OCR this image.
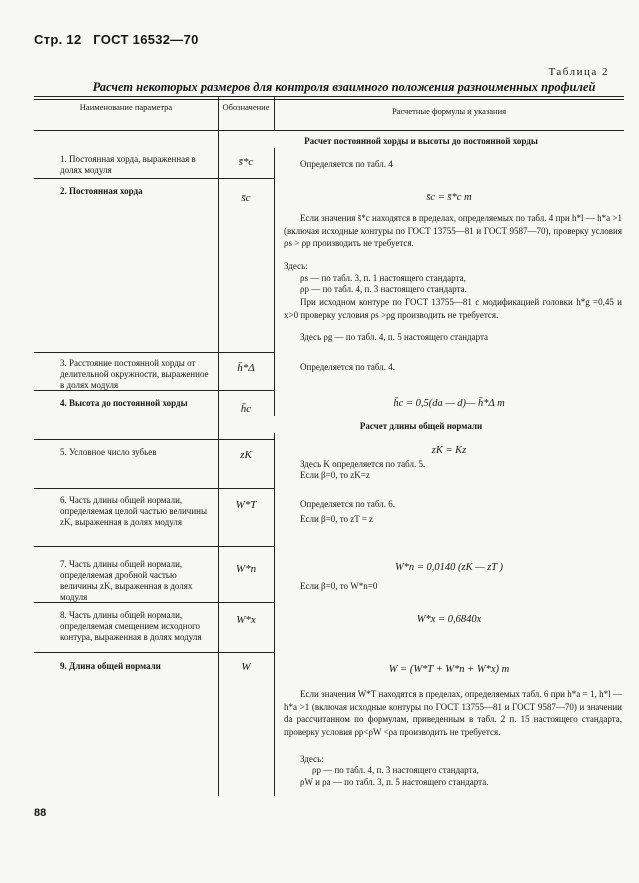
Стр. 12 ГОСТ 16532—70
Таблица 2
Расчет некоторых размеров для контроля взаимного положения разноименных профилей
Наименование параметра	Обозначение	Расчетные формулы и указания
Расчет постоянной хорды и высоты до постоянной хорды
1. Постоянная хорда, выраженная в долях модуля
s̄*c	Определяется по табл. 4
2. Постоянная хорда
s̄c	s̄c = s̄*c m
Если значения s̄*c находятся в пределах, определяемых по табл. 4 при h*l — h*a >1 (включая исходные контуры по ГОСТ 13755—81 и ГОСТ 9587—70), проверку условия ρs > ρp производить не требуется.
Здесь:
ρs — по табл. 3, п. 1 настоящего стандарта,
ρp — по табл. 4, п. 3 настоящего стандарта.
При исходном контуре по ГОСТ 13755—81 с модификацией головки h*g =0,45 и x>0 проверку условия ρs >ρg производить не требуется.
Здесь ρg — по табл. 4, п. 5 настоящего стандарта
3. Расстояние постоянной хорды от делительной окружности, выраженное в долях модуля
h̄*Δ	Определяется по табл. 4.
4. Высота до постоянной хорды	h̄c	h̄c = 0,5(da — d)— h̄*Δ m
Расчет длины общей нормали
5. Условное число зубьев	zK	zK = Kz
Здесь K определяется по табл. 5.
Если β=0, то zK=z
6. Часть длины общей нормали, определяемая целой частью величины zK, выраженная в долях модуля
W*T	Определяется по табл. 6.
Если β=0, то zT = z
7. Часть длины общей нормали, определяемая дробной частью величины zK, выраженная в долях модуля
W*n	W*n = 0,0140 (zK — zT )
Если β=0, то W*n=0
8. Часть длины общей нормали, определяемая смещением исходного контура, выраженная в долях модуля
W*x	W*x = 0,6840x
9. Длина общей нормали	W	W = (W*T + W*n + W*x) m
Если значения W*T находятся в пределах, определяемых табл. 6 при h*a = 1, h*l — h*a >1 (включая исходные контуры по ГОСТ 13755—81 и ГОСТ 9587—70) и значении da рассчитанном по формулам, приведенным в табл. 2 п. 15 настоящего стандарта, проверку условия ρp<ρW <ρa производить не требуется.
Здесь:
ρp — по табл. 4, п. 3 настоящего стандарта,
ρW и ρa — по табл. 3, п. 5 настоящего стандарта.
88
